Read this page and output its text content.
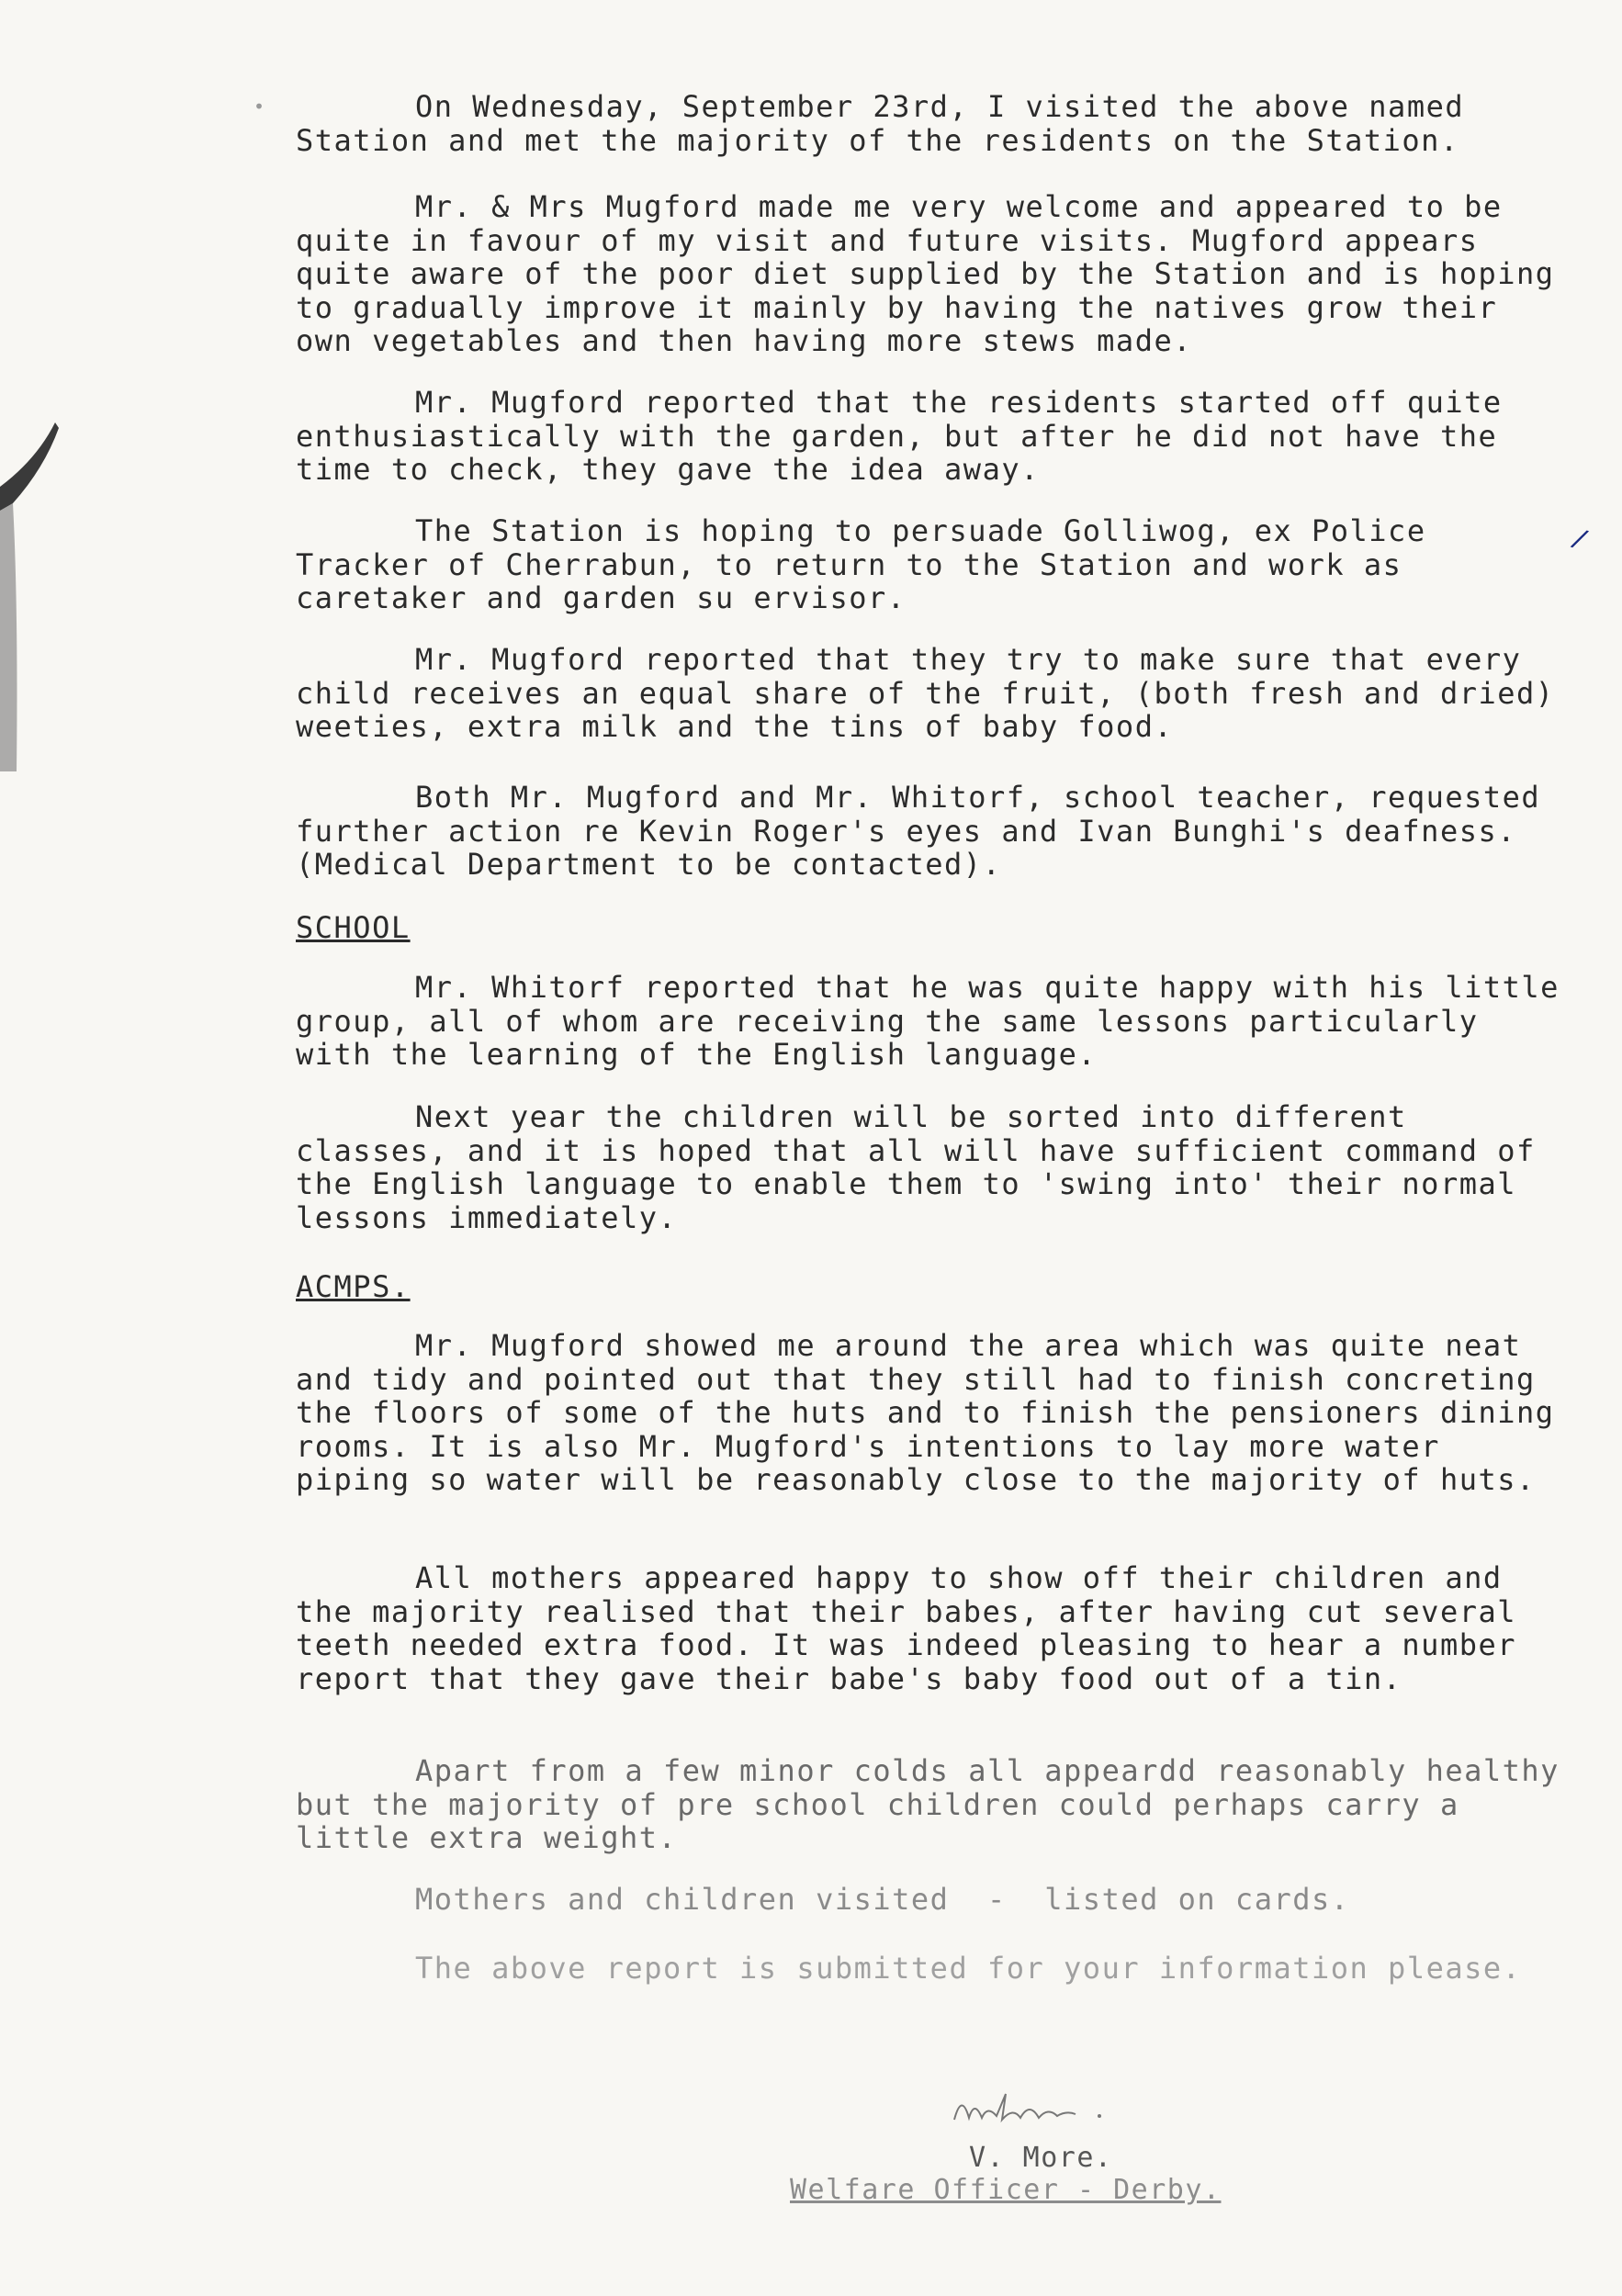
On Wednesday, September 23rd, I visited the above named Station and met the majority of the residents on the Station.
Mr. & Mrs Mugford made me very welcome and appeared to be quite in favour of my visit and future visits. Mugford appears quite aware of the poor diet supplied by the Station and is hoping to gradually improve it mainly by having the natives grow their own vegetables and then having more stews made.
Mr. Mugford reported that the residents started off quite enthusiastically with the garden, but after he did not have the time to check, they gave the idea away.
The Station is hoping to persuade Golliwog, ex Police Tracker of Cherrabun, to return to the Station and work as caretaker and garden su ervisor.
Mr. Mugford reported that they try to make sure that every child receives an equal share of the fruit, (both fresh and dried) weeties, extra milk and the tins of baby food.
Both Mr. Mugford and Mr. Whitorf, school teacher, requested further action re Kevin Roger's eyes and Ivan Bunghi's deafness. (Medical Department to be contacted).
SCHOOL
Mr. Whitorf reported that he was quite happy with his little group, all of whom are receiving the same lessons particularly with the learning of the English language.
Next year the children will be sorted into different classes, and it is hoped that all will have sufficient command of the English language to enable them to 'swing into' their normal lessons immediately.
ACMPS.
Mr. Mugford showed me around the area which was quite neat and tidy and pointed out that they still had to finish concreting the floors of some of the huts and to finish the pensioners dining rooms. It is also Mr. Mugford's intentions to lay more water piping so water will be reasonably close to the majority of huts.
All mothers appeared happy to show off their children and the majority realised that their babes, after having cut several teeth needed extra food. It was indeed pleasing to hear a number report that they gave their babe's baby food out of a tin.
Apart from a few minor colds all appeardd reasonably healthy but the majority of pre school children could perhaps carry a little extra weight.
Mothers and children visited  -  listed on cards.
The above report is submitted for your information please.
V. More.
Welfare Officer - Derby.
/
•
